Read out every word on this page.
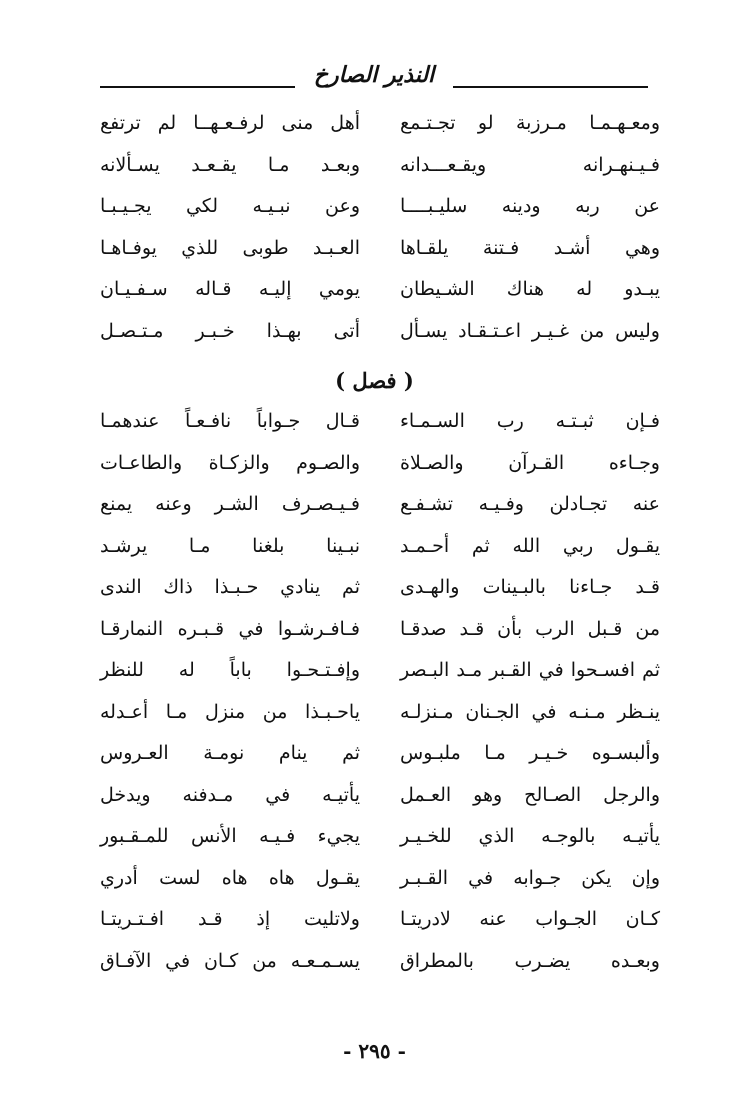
النذير الصارخ
ومعـهـمـا مـرزبة لو تجـتـمع
أهل منى لرفـعـهــا لم ترتفع
فـيـنهـرانه ويقـعـــدانه
وبعـد مـا يقـعـد يسـألانه
عن ربه ودينه سليـبــــا
وعن نبـيـه لكي يجـيـبـا
وهي أشـد فـتنة يلقـاها
العـبـد طوبى للذي يوفـاهـا
يبـدو له هناك الشـيطان
يومي إليـه قـاله سـفـيـان
وليس من غـيـر اعـتـقـاد يسـأل
أتى بهـذا خـبـر مـتـصـل
( فصل )
فـإن ثبـتـه رب السـمـاء
قـال جـواباً نافـعـاً عندهمـا
وجـاءه القـرآن والصـلاة
والصـوم والزكـاة والطاعـات
عنه تجـادلن وفـيـه تشـفـع
فـيـصـرف الشـر وعنه يمنع
يقـول ربي الله ثم أحـمـد
نبـينا بلغنا مـا يرشـد
قـد جـاءنا بالبـينات والهـدى
ثم ينادي حـبـذا ذاك الندى
من قـبل الرب بأن قـد صدقـا
فـافـرشـوا في قـبـره النمارقـا
ثم افسـحوا في القـبر مـد البـصر
وإفـتـحـوا باباً له للنظر
ينـظر مـنـه في الجـنان مـنزلـه
ياحـبـذا من منزل مـا أعـدله
وألبسـوه خـيـر مـا ملبـوس
ثم ينام نومـة العـروس
والرجل الصـالح وهو العـمل
يأتيـه في مـدفنه ويدخل
يأتيـه بالوجـه الذي للخـيـر
يجيء فـيـه الأنس للمـقـبور
وإن يكن جـوابه في القـبـر
يقـول هاه هاه لست أدري
كـان الجـواب عنه لادريتـا
ولاتليت إذ قـد افـتـريتـا
وبعـده يضـرب بالمطراق
يسـمـعـه من كـان في الآفـاق
- ٢٩٥ -
